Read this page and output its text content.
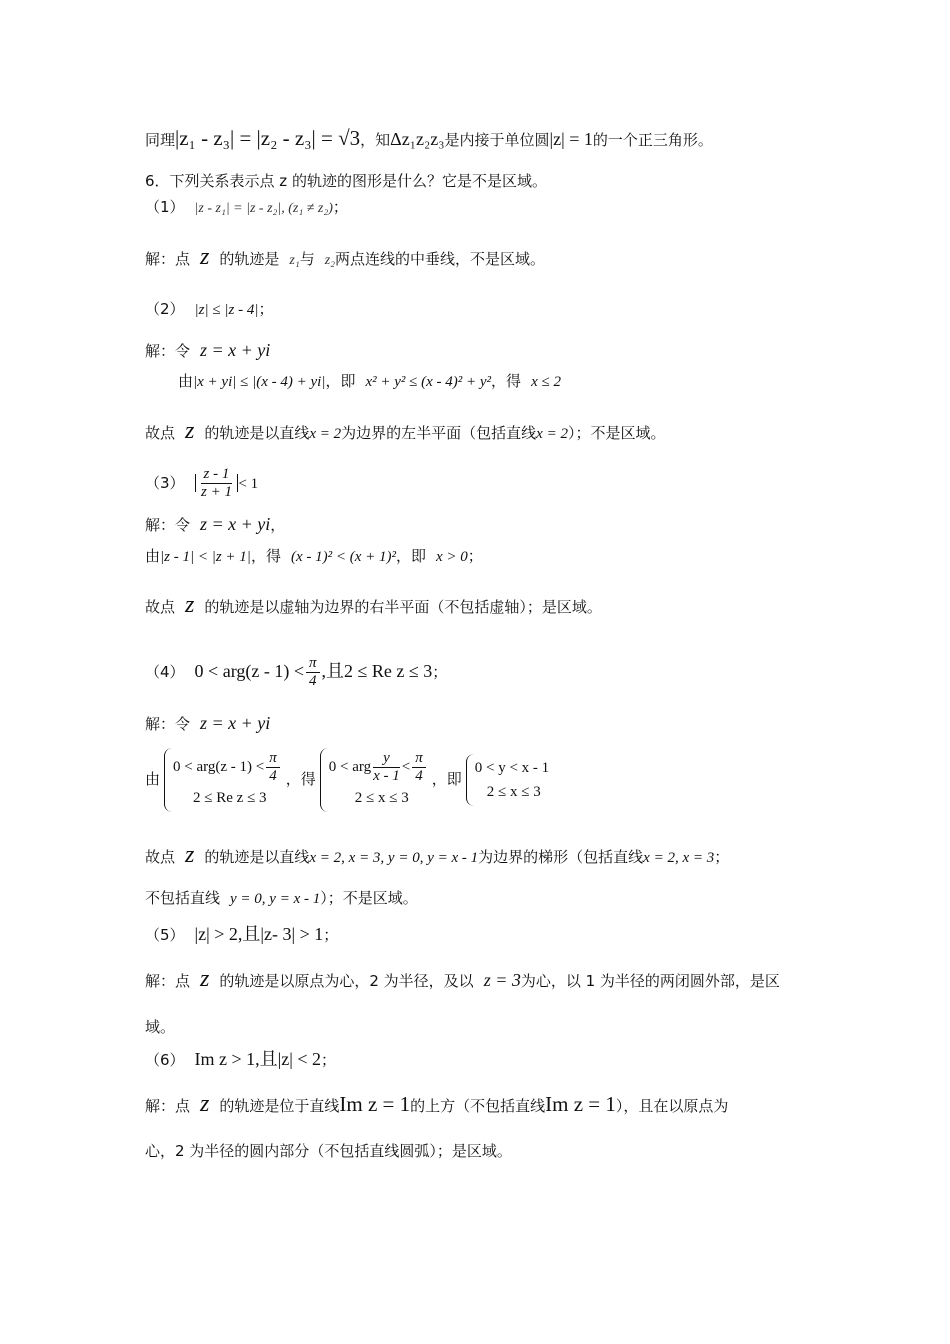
同理|z₁ - z₃| = |z₂ - z₃| = √3，知Δz₁z₂z₃是内接于单位圆|z| = 1的一个正三角形。
6．下列关系表示点 z 的轨迹的图形是什么？它是不是区域。
（1） |z - z₁| = |z - z₂|, (z₁ ≠ z₂)；
解：点 z 的轨迹是 z₁与 z₂两点连线的中垂线，不是区域。
（2） |z| ≤ |z - 4|；
解：令 z = x + yi
由|x + yi| ≤ |(x - 4) + yi|，即 x² + y² ≤ (x - 4)² + y²，得 x ≤ 2
故点 z 的轨迹是以直线x = 2为边界的左半平面（包括直线x = 2）；不是区域。
$(3) \frac{z - 1}{z + 1} < 1$
解：令 z = x + yi，
由|z - 1| < |z + 1|，得 (x - 1)² < (x + 1)²，即 x > 0；
故点 z 的轨迹是以虚轴为边界的右半平面（不包括虚轴）；是区域。
（4） $0 < arg(z - 1) < \frac{\pi}{4}$ ,且2 ≤ Re z ≤ 3；
解：令 z = x + yi
由
$0 < arg(z - 1) < \frac{\pi}{4}$
2 ≤ Re z ≤ 3
，得
0 < arg $\frac{y}{x - 1} < \frac{\pi}{4}$
2 ≤ x ≤ 3
，即
0 < y < x - 1
2 ≤ x ≤ 3
故点 z 的轨迹是以直线x = 2, x = 3, y = 0, y = x - 1为边界的梯形（包括直线x = 2, x = 3；
不包括直线 y = 0, y = x - 1）；不是区域。
（5） |z| > 2,且|z- 3| > 1；
解：点 z 的轨迹是以原点为心，2 为半径，及以 z = 3为心，以 1 为半径的两闭圆外部，是区
域。
（6） Im z > 1,且|z| < 2；
解：点 z 的轨迹是位于直线Im z = 1的上方（不包括直线Im z = 1），且在以原点为
心，2 为半径的圆内部分（不包括直线圆弧）；是区域。
